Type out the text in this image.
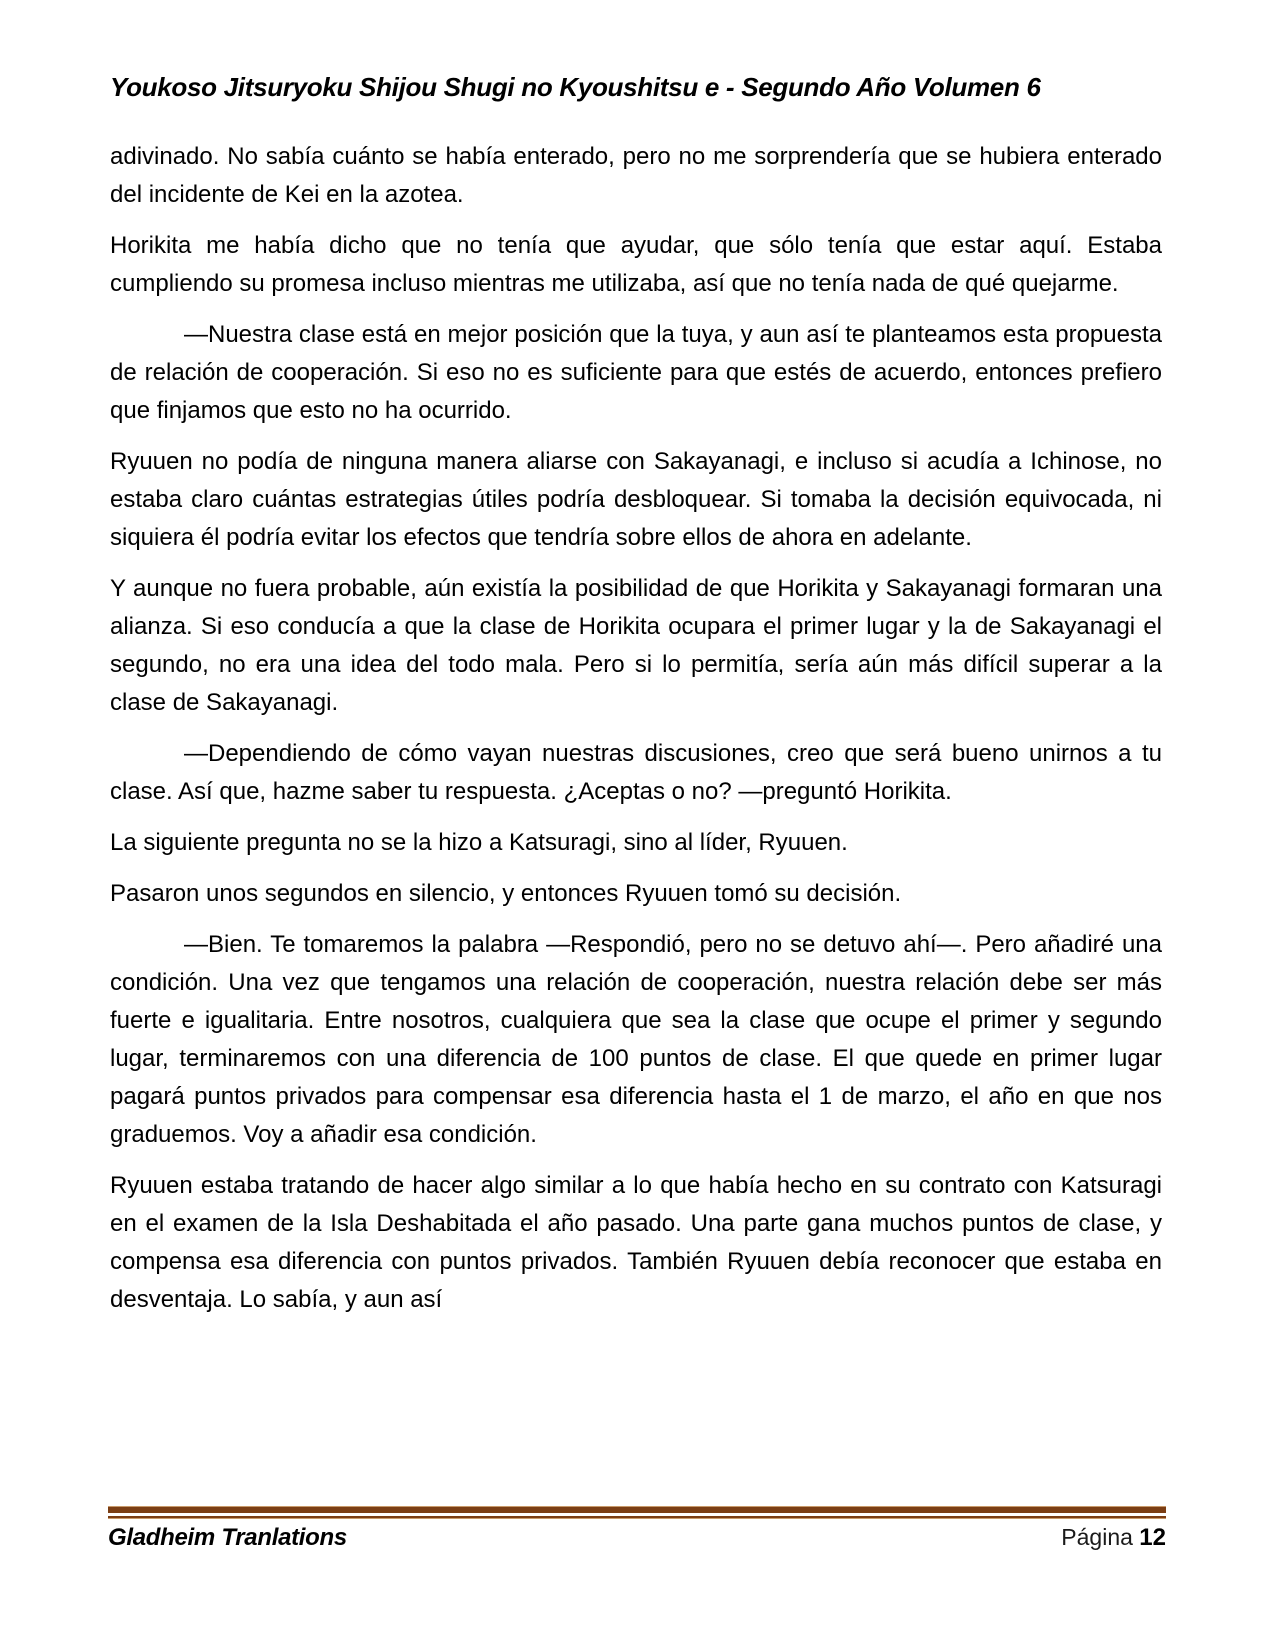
Youkoso Jitsuryoku Shijou Shugi no Kyoushitsu e - Segundo Año Volumen 6

adivinado. No sabía cuánto se había enterado, pero no me sorprendería que se hubiera enterado del incidente de Kei en la azotea.

Horikita me había dicho que no tenía que ayudar, que sólo tenía que estar aquí. Estaba cumpliendo su promesa incluso mientras me utilizaba, así que no tenía nada de qué quejarme.

—Nuestra clase está en mejor posición que la tuya, y aun así te planteamos esta propuesta de relación de cooperación. Si eso no es suficiente para que estés de acuerdo, entonces prefiero que finjamos que esto no ha ocurrido.

Ryuuen no podía de ninguna manera aliarse con Sakayanagi, e incluso si acudía a Ichinose, no estaba claro cuántas estrategias útiles podría desbloquear. Si tomaba la decisión equivocada, ni siquiera él podría evitar los efectos que tendría sobre ellos de ahora en adelante.

Y aunque no fuera probable, aún existía la posibilidad de que Horikita y Sakayanagi formaran una alianza. Si eso conducía a que la clase de Horikita ocupara el primer lugar y la de Sakayanagi el segundo, no era una idea del todo mala. Pero si lo permitía, sería aún más difícil superar a la clase de Sakayanagi.

—Dependiendo de cómo vayan nuestras discusiones, creo que será bueno unirnos a tu clase. Así que, hazme saber tu respuesta. ¿Aceptas o no? —preguntó Horikita.

La siguiente pregunta no se la hizo a Katsuragi, sino al líder, Ryuuen.

Pasaron unos segundos en silencio, y entonces Ryuuen tomó su decisión.

—Bien. Te tomaremos la palabra —Respondió, pero no se detuvo ahí—. Pero añadiré una condición. Una vez que tengamos una relación de cooperación, nuestra relación debe ser más fuerte e igualitaria. Entre nosotros, cualquiera que sea la clase que ocupe el primer y segundo lugar, terminaremos con una diferencia de 100 puntos de clase. El que quede en primer lugar pagará puntos privados para compensar esa diferencia hasta el 1 de marzo, el año en que nos graduemos. Voy a añadir esa condición.

Ryuuen estaba tratando de hacer algo similar a lo que había hecho en su contrato con Katsuragi en el examen de la Isla Deshabitada el año pasado. Una parte gana muchos puntos de clase, y compensa esa diferencia con puntos privados. También Ryuuen debía reconocer que estaba en desventaja. Lo sabía, y aun así

Gladheim Tranlations	Página 12
